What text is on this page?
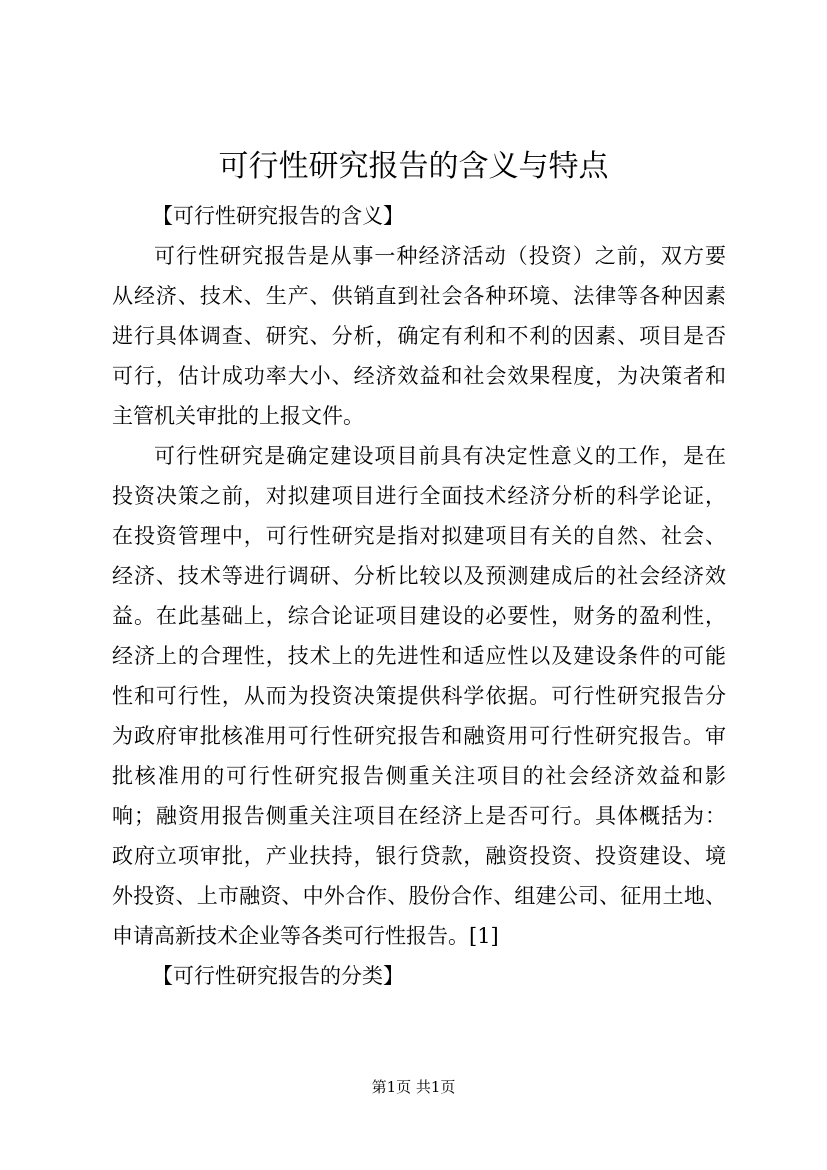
可行性研究报告的含义与特点
【可行性研究报告的含义】
可行性研究报告是从事一种经济活动（投资）之前，双方要
从经济、技术、生产、供销直到社会各种环境、法律等各种因素
进行具体调查、研究、分析，确定有利和不利的因素、项目是否
可行，估计成功率大小、经济效益和社会效果程度，为决策者和
主管机关审批的上报文件。
可行性研究是确定建设项目前具有决定性意义的工作，是在
投资决策之前，对拟建项目进行全面技术经济分析的科学论证，
在投资管理中，可行性研究是指对拟建项目有关的自然、社会、
经济、技术等进行调研、分析比较以及预测建成后的社会经济效
益。在此基础上，综合论证项目建设的必要性，财务的盈利性，
经济上的合理性，技术上的先进性和适应性以及建设条件的可能
性和可行性，从而为投资决策提供科学依据。可行性研究报告分
为政府审批核准用可行性研究报告和融资用可行性研究报告。审
批核准用的可行性研究报告侧重关注项目的社会经济效益和影
响；融资用报告侧重关注项目在经济上是否可行。具体概括为：
政府立项审批，产业扶持，银行贷款，融资投资、投资建设、境
外投资、上市融资、中外合作、股份合作、组建公司、征用土地、
申请高新技术企业等各类可行性报告。[1]
【可行性研究报告的分类】

第1页 共1页
